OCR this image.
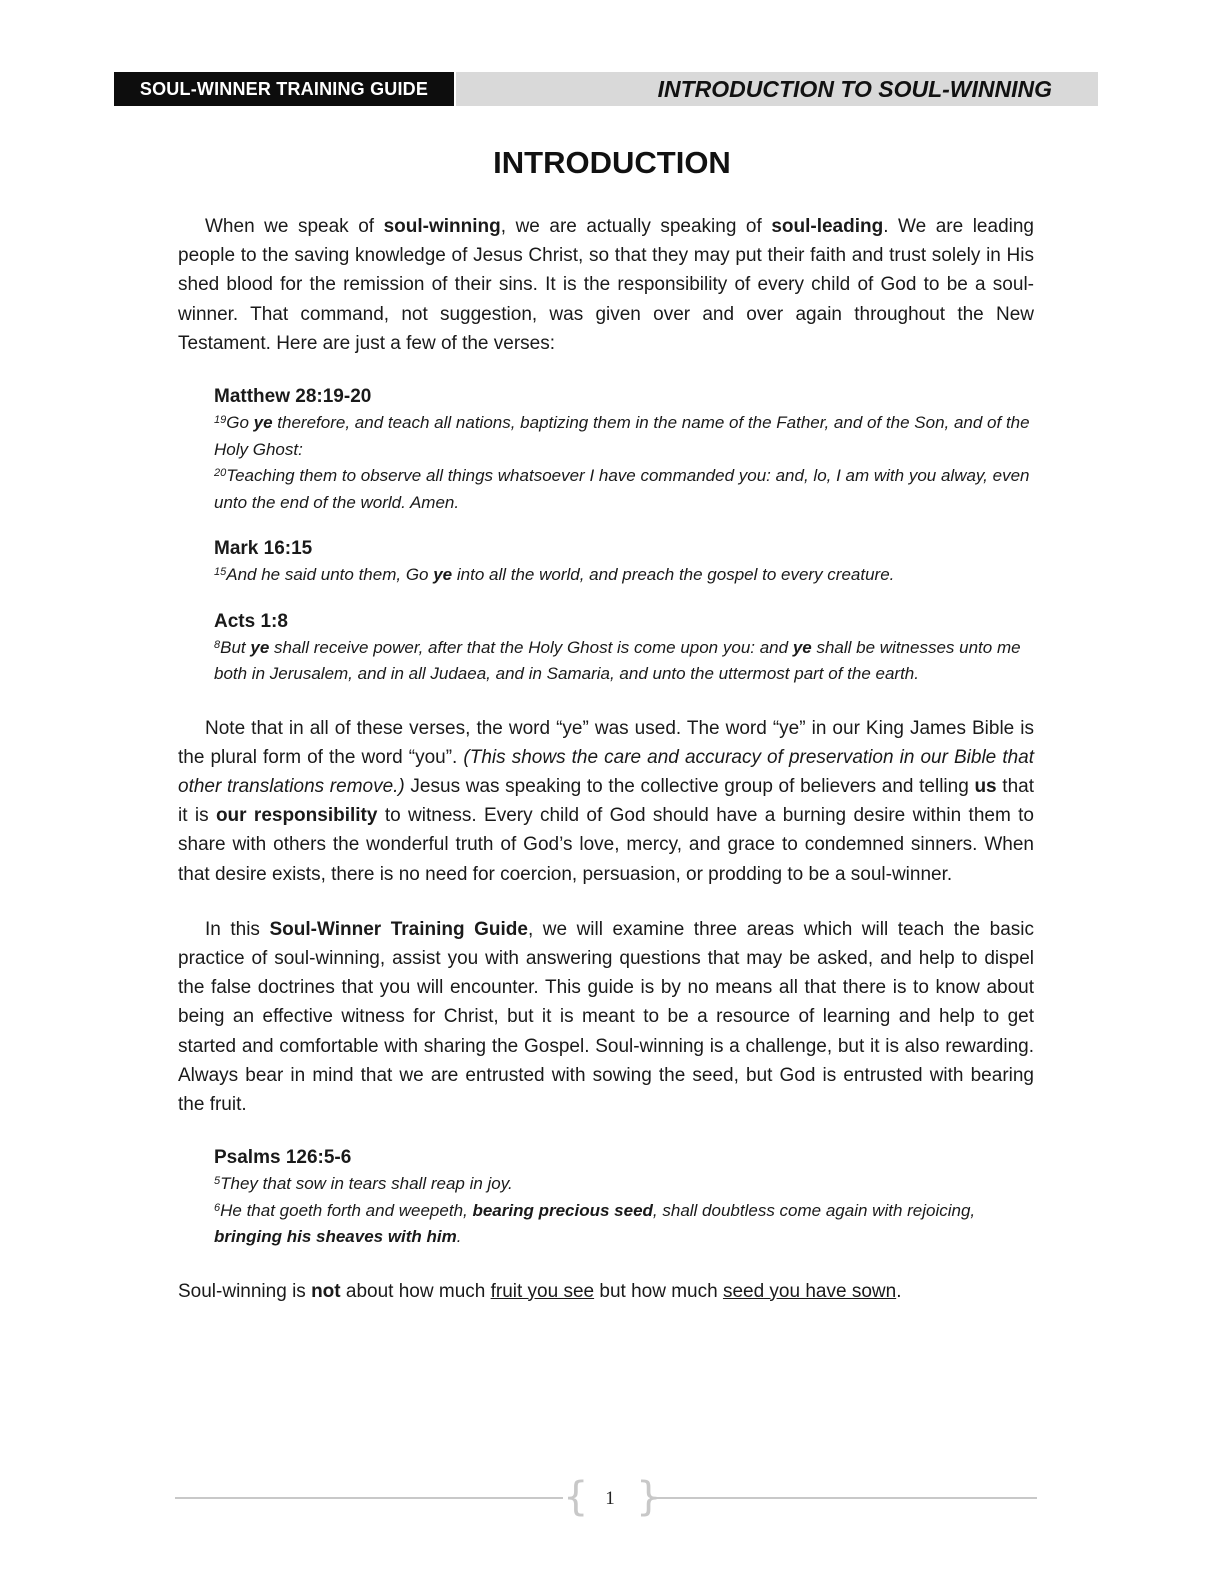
SOUL-WINNER TRAINING GUIDE	INTRODUCTION TO SOUL-WINNING
INTRODUCTION

When we speak of soul-winning, we are actually speaking of soul-leading. We are leading people to the saving knowledge of Jesus Christ, so that they may put their faith and trust solely in His shed blood for the remission of their sins. It is the responsibility of every child of God to be a soul-winner. That command, not suggestion, was given over and over again throughout the New Testament. Here are just a few of the verses:

Matthew 28:19-20

$^{19}$Go ye therefore, and teach all nations, baptizing them in the name of the Father, and of the Son, and of the Holy Ghost:

$^{20}$Teaching them to observe all things whatsoever I have commanded you: and, lo, I am with you alway, even unto the end of the world. Amen.

Mark 16:15

$^{15}$And he said unto them, Go ye into all the world, and preach the gospel to every creature.

Acts 1:8

$^8$But ye shall receive power, after that the Holy Ghost is come upon you: and ye shall be witnesses unto me both in Jerusalem, and in all Judaea, and in Samaria, and unto the uttermost part of the earth.

Note that in all of these verses, the word “ye” was used. The word “ye” in our King James Bible is the plural form of the word “you”. (This shows the care and accuracy of preservation in our Bible that other translations remove.) Jesus was speaking to the collective group of believers and telling us that it is our responsibility to witness. Every child of God should have a burning desire within them to share with others the wonderful truth of God’s love, mercy, and grace to condemned sinners. When that desire exists, there is no need for coercion, persuasion, or prodding to be a soul-winner.

In this Soul-Winner Training Guide, we will examine three areas which will teach the basic practice of soul-winning, assist you with answering questions that may be asked, and help to dispel the false doctrines that you will encounter. This guide is by no means all that there is to know about being an effective witness for Christ, but it is meant to be a resource of learning and help to get started and comfortable with sharing the Gospel. Soul-winning is a challenge, but it is also rewarding. Always bear in mind that we are entrusted with sowing the seed, but God is entrusted with bearing the fruit.

Psalms 126:5-6

$^5$They that sow in tears shall reap in joy.

$^6$He that goeth forth and weepeth, bearing precious seed, shall doubtless come again with rejoicing, bringing his sheaves with him.

Soul-winning is not about how much fruit you see but how much seed you have sown.

{ }
1
